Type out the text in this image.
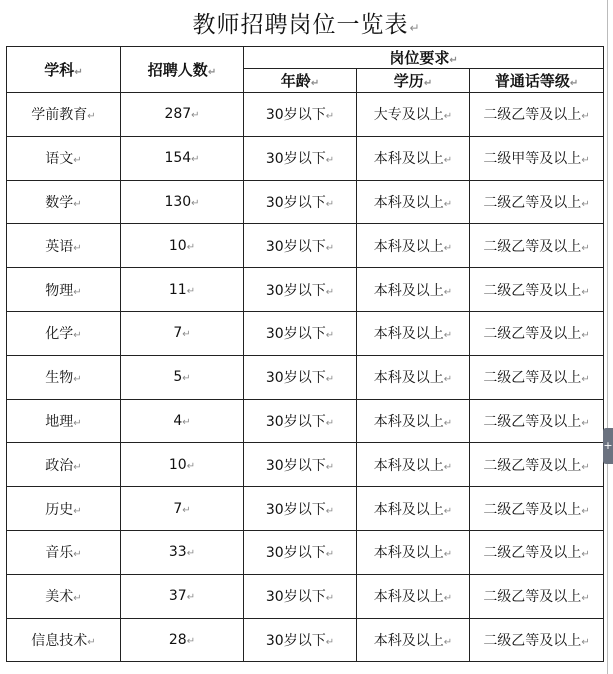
教师招聘岗位一览表↵
学科↵	招聘人数↵	岗位要求↵		
		年龄↵	学历↵	普通话等级↵
学前教育↵	287↵	30岁以下↵	大专及以上↵	二级乙等及以上↵
语文↵	154↵	30岁以下↵	本科及以上↵	二级甲等及以上↵
数学↵	130↵	30岁以下↵	本科及以上↵	二级乙等及以上↵
英语↵	10↵	30岁以下↵	本科及以上↵	二级乙等及以上↵
物理↵	11↵	30岁以下↵	本科及以上↵	二级乙等及以上↵
化学↵	7↵	30岁以下↵	本科及以上↵	二级乙等及以上↵
生物↵	5↵	30岁以下↵	本科及以上↵	二级乙等及以上↵
地理↵	4↵	30岁以下↵	本科及以上↵	二级乙等及以上↵
政治↵	10↵	30岁以下↵	本科及以上↵	二级乙等及以上↵
历史↵	7↵	30岁以下↵	本科及以上↵	二级乙等及以上↵
音乐↵	33↵	30岁以下↵	本科及以上↵	二级乙等及以上↵
美术↵	37↵	30岁以下↵	本科及以上↵	二级乙等及以上↵
信息技术↵	28↵	30岁以下↵	本科及以上↵	二级乙等及以上↵
+
